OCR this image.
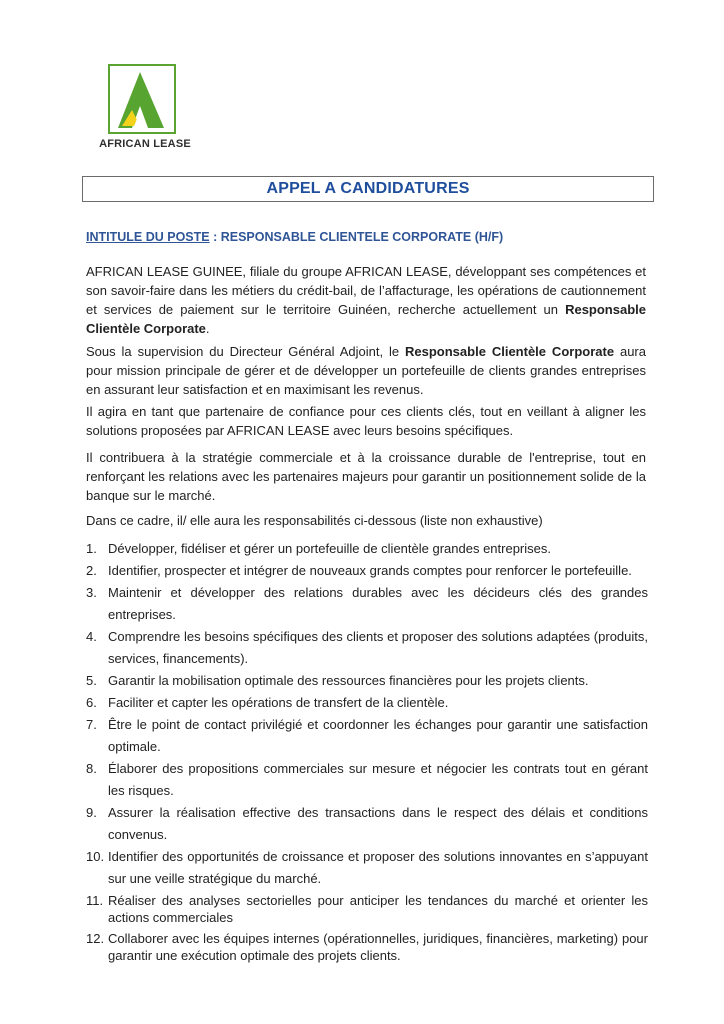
AFRICAN LEASE
APPEL A CANDIDATURES
INTITULE DU POSTE : RESPONSABLE CLIENTELE CORPORATE (H/F)
AFRICAN LEASE GUINEE, filiale du groupe AFRICAN LEASE, développant ses compétences et son savoir-faire dans les métiers du crédit-bail, de l’affacturage, les opérations de cautionnement et services de paiement sur le territoire Guinéen, recherche actuellement un Responsable Clientèle Corporate.
Sous la supervision du Directeur Général Adjoint, le Responsable Clientèle Corporate aura pour mission principale de gérer et de développer un portefeuille de clients grandes entreprises en assurant leur satisfaction et en maximisant les revenus.
Il agira en tant que partenaire de confiance pour ces clients clés, tout en veillant à aligner les solutions proposées par AFRICAN LEASE avec leurs besoins spécifiques.
Il contribuera à la stratégie commerciale et à la croissance durable de l'entreprise, tout en renforçant les relations avec les partenaires majeurs pour garantir un positionnement solide de la banque sur le marché.
Dans ce cadre, il/ elle aura les responsabilités ci-dessous (liste non exhaustive)
1. Développer, fidéliser et gérer un portefeuille de clientèle grandes entreprises.
2. Identifier, prospecter et intégrer de nouveaux grands comptes pour renforcer le portefeuille.
3. Maintenir et développer des relations durables avec les décideurs clés des grandes entreprises.
4. Comprendre les besoins spécifiques des clients et proposer des solutions adaptées (produits, services, financements).
5. Garantir la mobilisation optimale des ressources financières pour les projets clients.
6. Faciliter et capter les opérations de transfert de la clientèle.
7. Être le point de contact privilégié et coordonner les échanges pour garantir une satisfaction optimale.
8. Élaborer des propositions commerciales sur mesure et négocier les contrats tout en gérant les risques.
9. Assurer la réalisation effective des transactions dans le respect des délais et conditions convenus.
10. Identifier des opportunités de croissance et proposer des solutions innovantes en s’appuyant sur une veille stratégique du marché.
11. Réaliser des analyses sectorielles pour anticiper les tendances du marché et orienter les actions commerciales
12. Collaborer avec les équipes internes (opérationnelles, juridiques, financières, marketing) pour garantir une exécution optimale des projets clients.
